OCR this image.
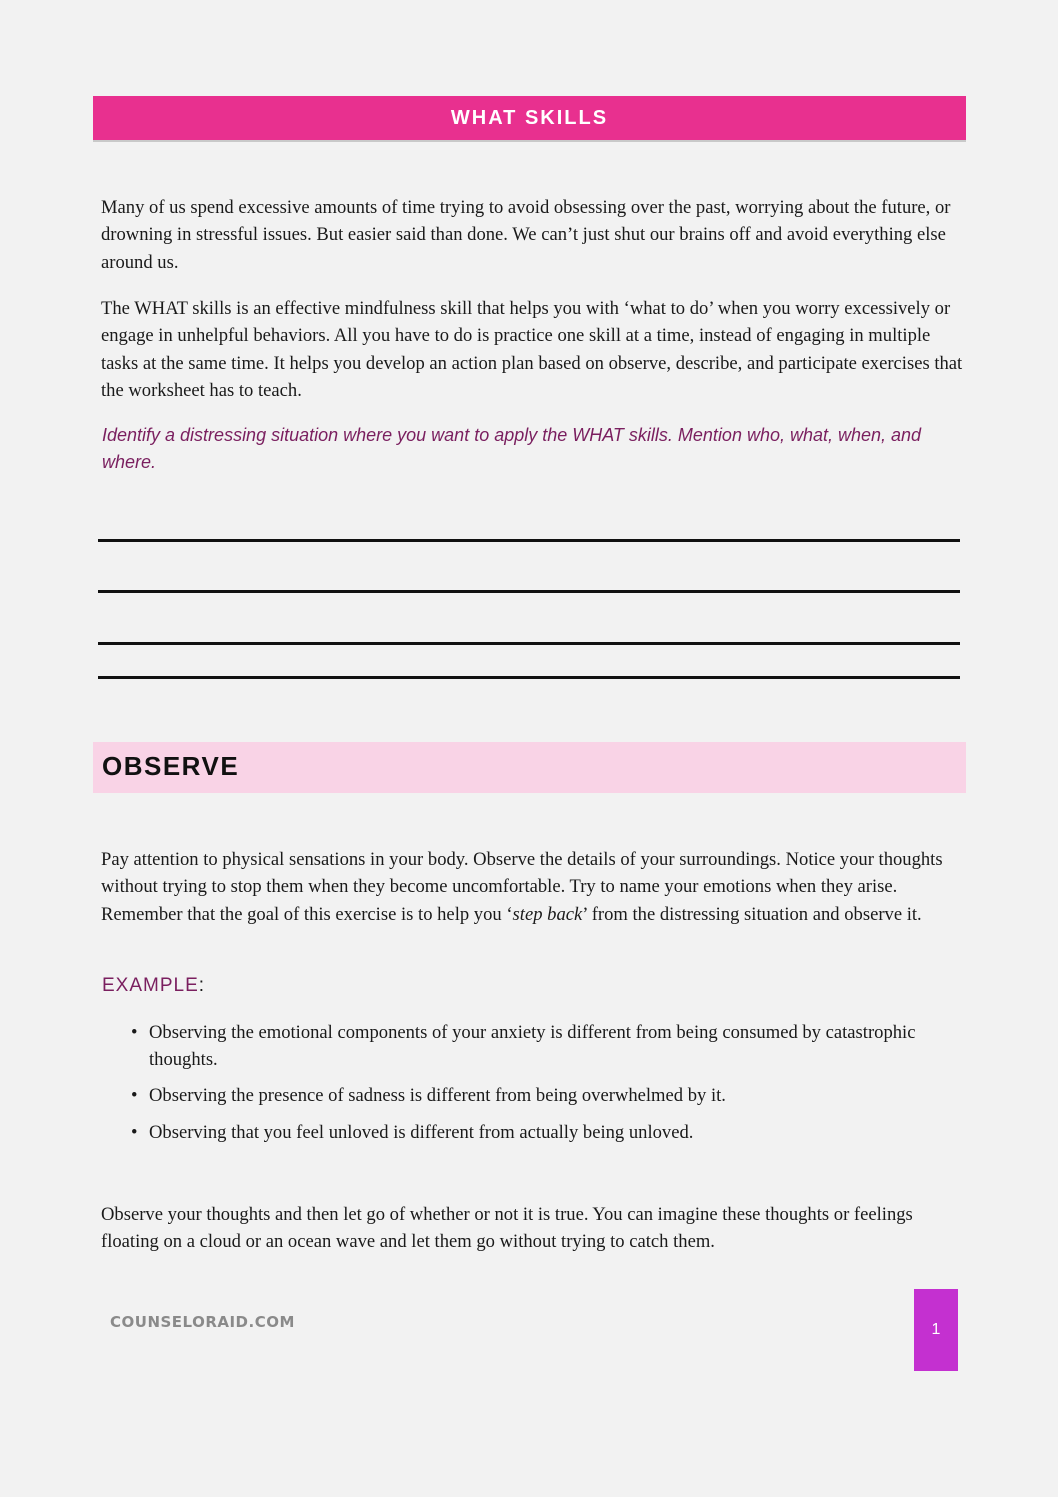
WHAT SKILLS

Many of us spend excessive amounts of time trying to avoid obsessing over the past, worrying about the future, or drowning in stressful issues. But easier said than done. We can’t just shut our brains off and avoid everything else around us.

The WHAT skills is an effective mindfulness skill that helps you with ‘what to do’ when you worry excessively or engage in unhelpful behaviors. All you have to do is practice one skill at a time, instead of engaging in multiple tasks at the same time. It helps you develop an action plan based on observe, describe, and participate exercises that the worksheet has to teach.

Identify a distressing situation where you want to apply the WHAT skills. Mention who, what, when, and where.

OBSERVE

Pay attention to physical sensations in your body. Observe the details of your surroundings. Notice your thoughts without trying to stop them when they become uncomfortable. Try to name your emotions when they arise. Remember that the goal of this exercise is to help you ‘step back’ from the distressing situation and observe it.

EXAMPLE:
• Observing the emotional components of your anxiety is different from being consumed by catastrophic thoughts.
• Observing the presence of sadness is different from being overwhelmed by it.
• Observing that you feel unloved is different from actually being unloved.

Observe your thoughts and then let go of whether or not it is true. You can imagine these thoughts or feelings floating on a cloud or an ocean wave and let them go without trying to catch them.

COUNSELORAID.COM	1
